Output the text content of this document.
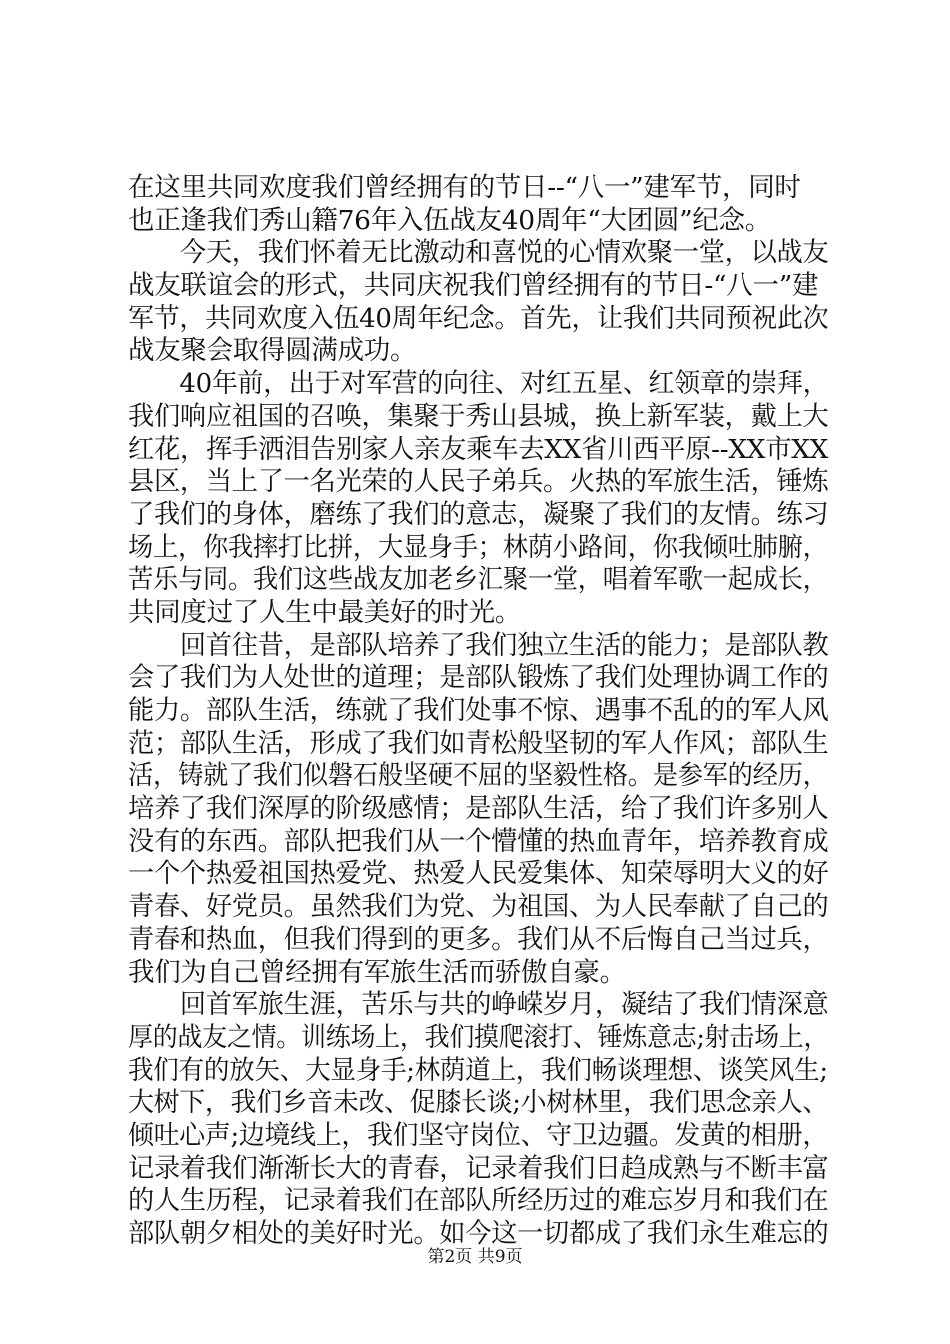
在这里共同欢度我们曾经拥有的节日--“八一”建军节，同时
也正逢我们秀山籍76年入伍战友40周年“大团圆”纪念。
　　今天，我们怀着无比激动和喜悦的心情欢聚一堂，以战友
战友联谊会的形式，共同庆祝我们曾经拥有的节日-“八一”建
军节，共同欢度入伍40周年纪念。首先，让我们共同预祝此次
战友聚会取得圆满成功。
　　40年前，出于对军营的向往、对红五星、红领章的崇拜，
我们响应祖国的召唤，集聚于秀山县城，换上新军装，戴上大
红花，挥手洒泪告别家人亲友乘车去XX省川西平原--XX市XX
县区，当上了一名光荣的人民子弟兵。火热的军旅生活，锤炼
了我们的身体，磨练了我们的意志，凝聚了我们的友情。练习
场上，你我摔打比拼，大显身手；林荫小路间，你我倾吐肺腑，
苦乐与同。我们这些战友加老乡汇聚一堂，唱着军歌一起成长，
共同度过了人生中最美好的时光。
　　回首往昔，是部队培养了我们独立生活的能力；是部队教
会了我们为人处世的道理；是部队锻炼了我们处理协调工作的
能力。部队生活，练就了我们处事不惊、遇事不乱的的军人风
范；部队生活，形成了我们如青松般坚韧的军人作风；部队生
活，铸就了我们似磐石般坚硬不屈的坚毅性格。是参军的经历，
培养了我们深厚的阶级感情；是部队生活，给了我们许多别人
没有的东西。部队把我们从一个懵懂的热血青年，培养教育成
一个个热爱祖国热爱党、热爱人民爱集体、知荣辱明大义的好
青春、好党员。虽然我们为党、为祖国、为人民奉献了自己的
青春和热血，但我们得到的更多。我们从不后悔自己当过兵，
我们为自己曾经拥有军旅生活而骄傲自豪。
　　回首军旅生涯，苦乐与共的峥嵘岁月，凝结了我们情深意
厚的战友之情。训练场上，我们摸爬滚打、锤炼意志;射击场上，
我们有的放矢、大显身手;林荫道上，我们畅谈理想、谈笑风生;
大树下，我们乡音未改、促膝长谈;小树林里，我们思念亲人、
倾吐心声;边境线上，我们坚守岗位、守卫边疆。发黄的相册，
记录着我们渐渐长大的青春，记录着我们日趋成熟与不断丰富
的人生历程，记录着我们在部队所经历过的难忘岁月和我们在
部队朝夕相处的美好时光。如今这一切都成了我们永生难忘的
第2页 共9页
